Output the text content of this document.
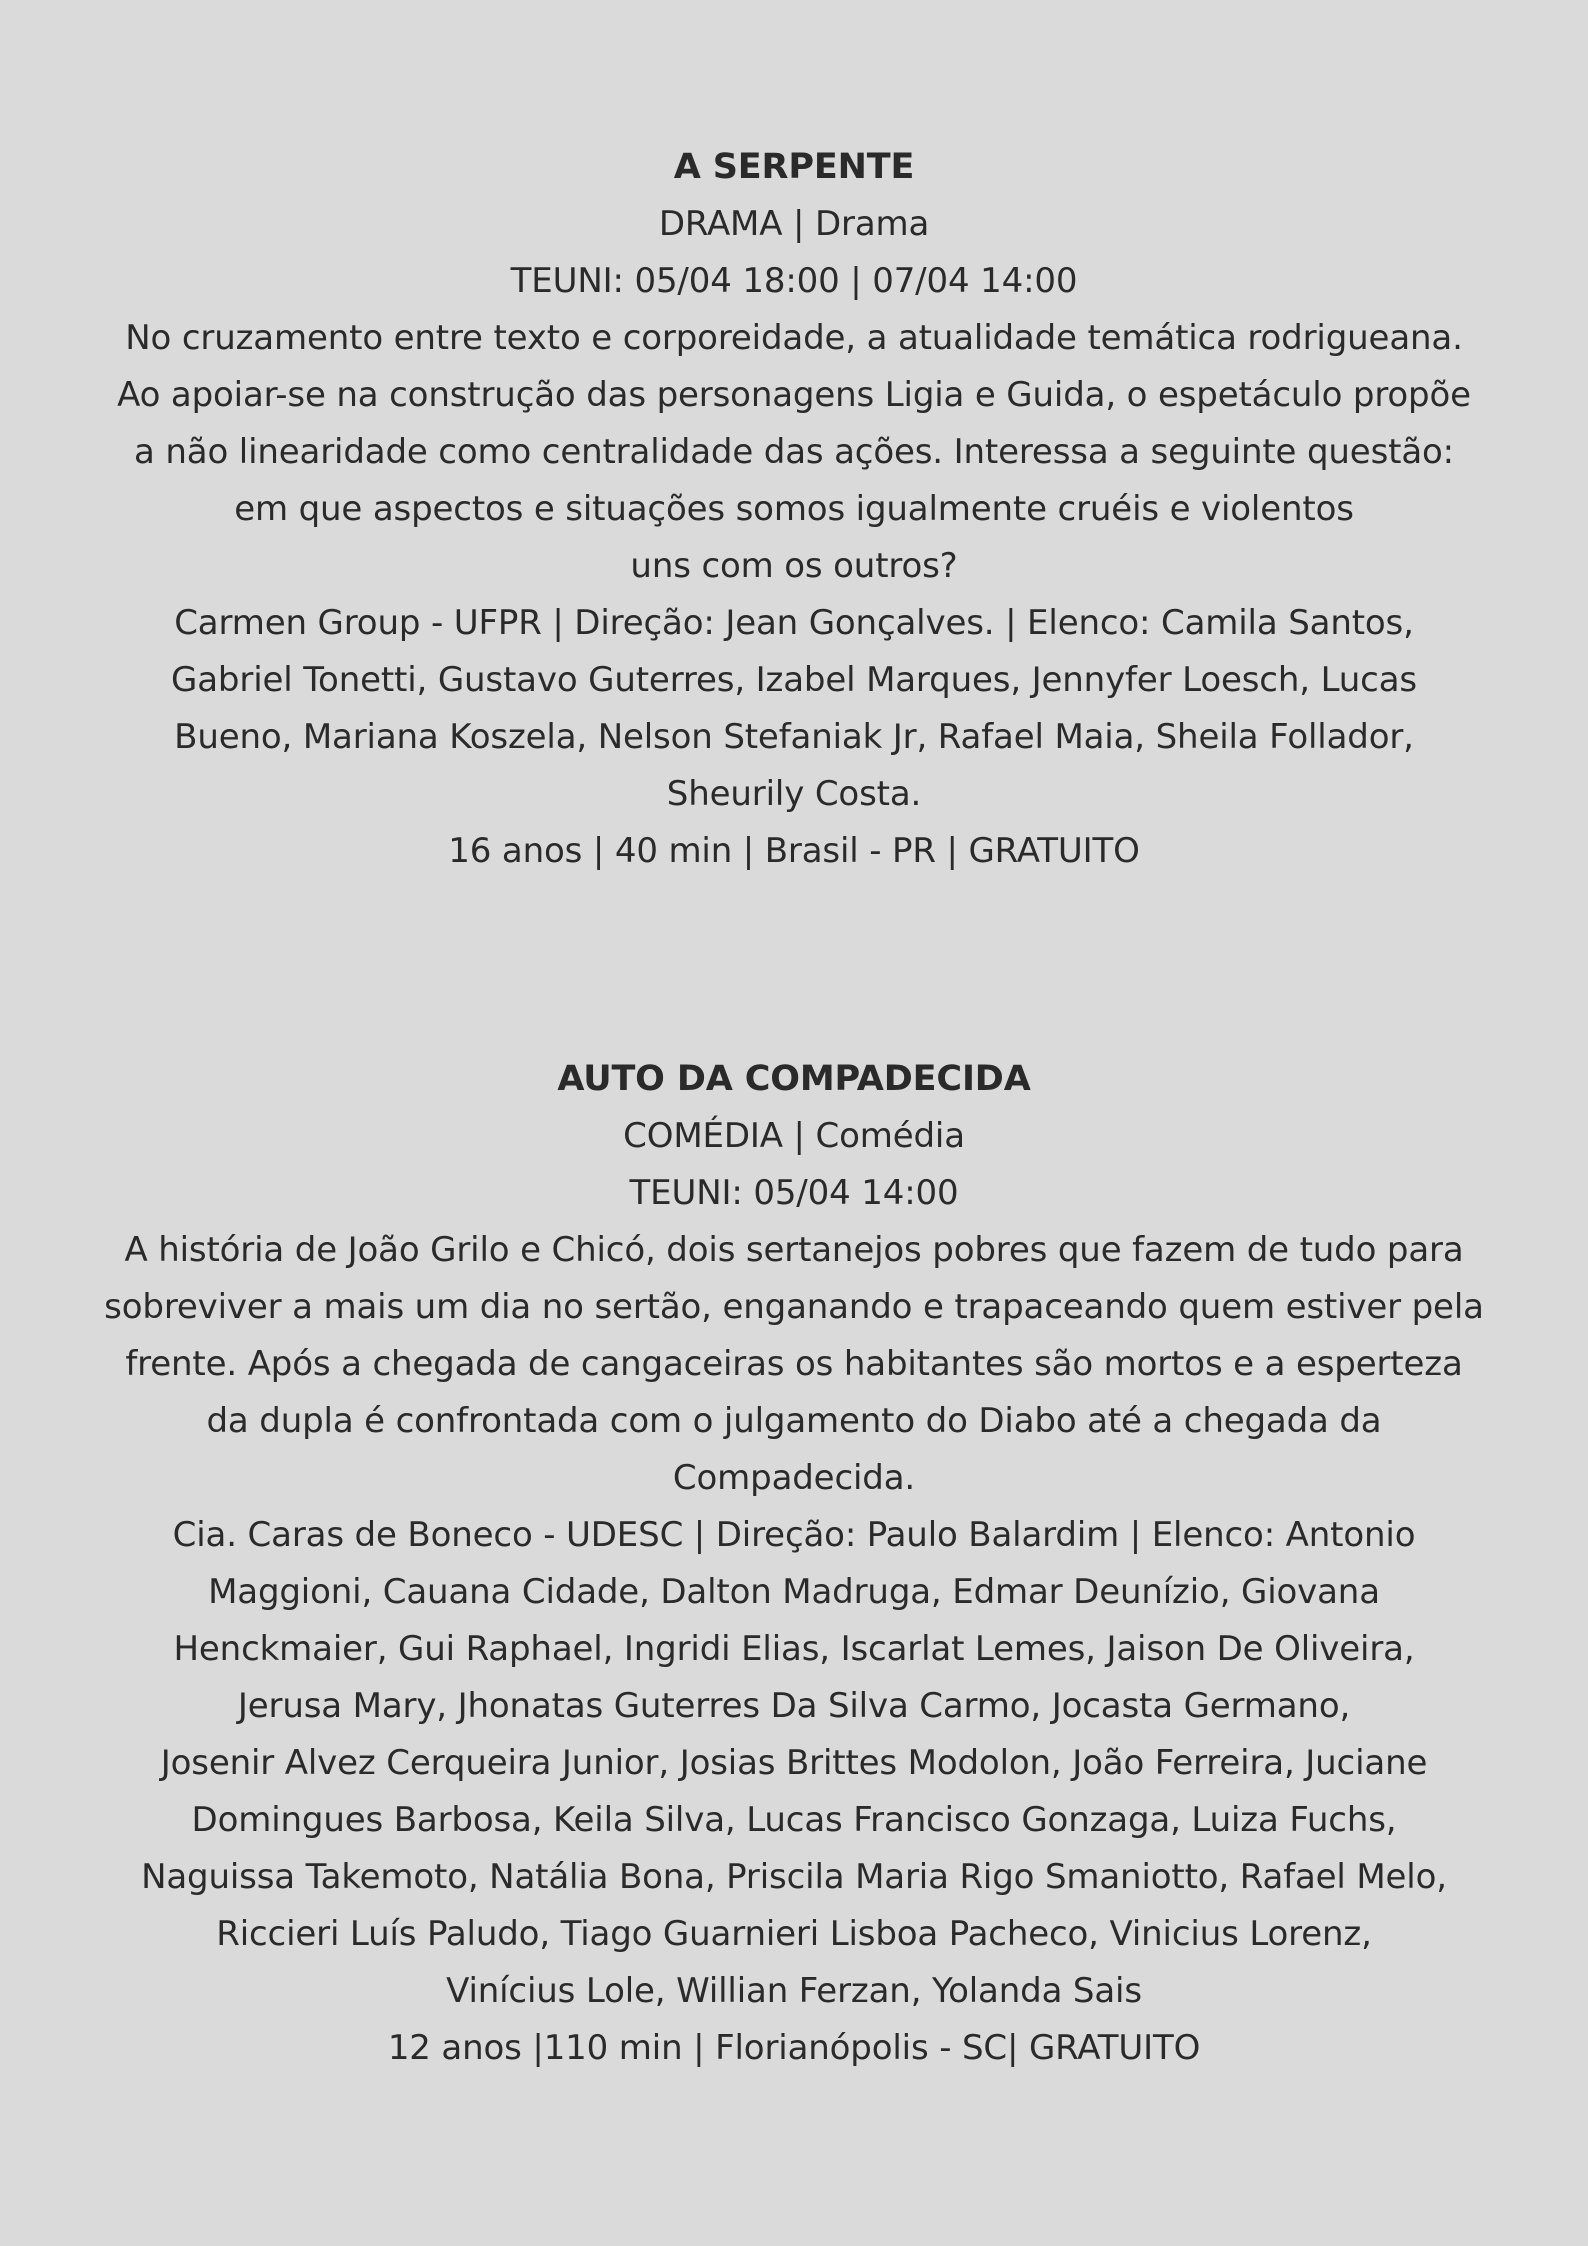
A SERPENTE
DRAMA | Drama
TEUNI: 05/04 18:00 | 07/04 14:00
No cruzamento entre texto e corporeidade, a atualidade temática rodrigueana.
Ao apoiar-se na construção das personagens Ligia e Guida, o espetáculo propõe
a não linearidade como centralidade das ações. Interessa a seguinte questão:
em que aspectos e situações somos igualmente cruéis e violentos
uns com os outros?
Carmen Group - UFPR | Direção: Jean Gonçalves. | Elenco: Camila Santos,
Gabriel Tonetti, Gustavo Guterres, Izabel Marques, Jennyfer Loesch, Lucas
Bueno, Mariana Koszela, Nelson Stefaniak Jr, Rafael Maia, Sheila Follador,
Sheurily Costa.
16 anos | 40 min | Brasil - PR | GRATUITO
AUTO DA COMPADECIDA
COMÉDIA | Comédia
TEUNI: 05/04 14:00
A história de João Grilo e Chicó, dois sertanejos pobres que fazem de tudo para
sobreviver a mais um dia no sertão, enganando e trapaceando quem estiver pela
frente. Após a chegada de cangaceiras os habitantes são mortos e a esperteza
da dupla é confrontada com o julgamento do Diabo até a chegada da
Compadecida.
Cia. Caras de Boneco - UDESC | Direção: Paulo Balardim | Elenco: Antonio
Maggioni, Cauana Cidade, Dalton Madruga, Edmar Deunízio, Giovana
Henckmaier, Gui Raphael, Ingridi Elias, Iscarlat Lemes, Jaison De Oliveira,
Jerusa Mary, Jhonatas Guterres Da Silva Carmo, Jocasta Germano,
Josenir Alvez Cerqueira Junior, Josias Brittes Modolon, João Ferreira, Juciane
Domingues Barbosa, Keila Silva, Lucas Francisco Gonzaga, Luiza Fuchs,
Naguissa Takemoto, Natália Bona, Priscila Maria Rigo Smaniotto, Rafael Melo,
Riccieri Luís Paludo, Tiago Guarnieri Lisboa Pacheco, Vinicius Lorenz,
Vinícius Lole, Willian Ferzan, Yolanda Sais
12 anos |110 min | Florianópolis - SC| GRATUITO
